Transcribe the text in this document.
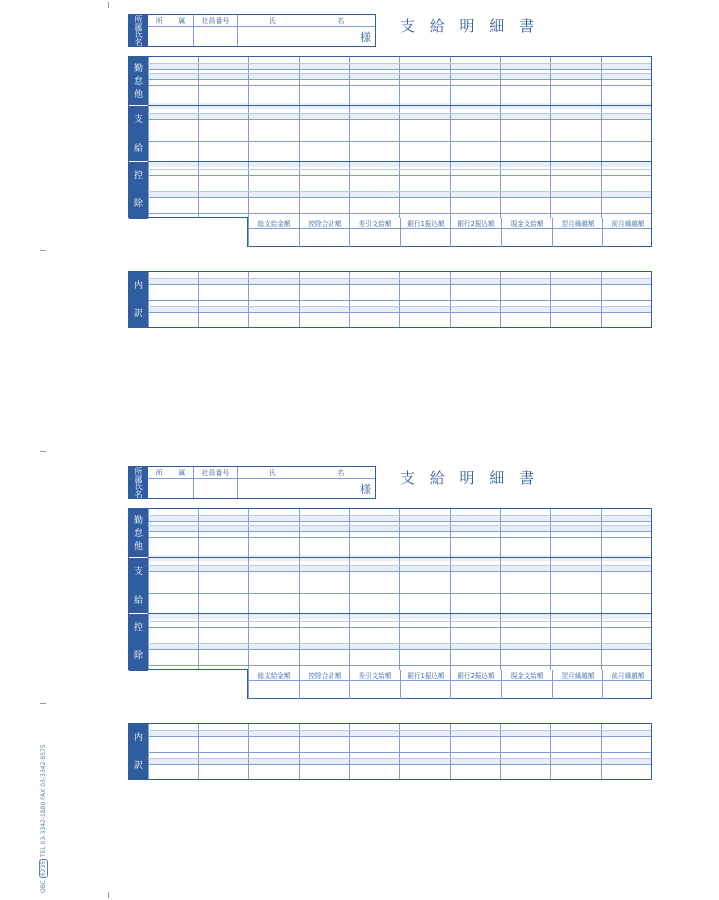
所
属
氏
名
所 属	社員番号	氏	名
様
支 給 明 細 書
勤
怠
他
支
給
控
除
総支給金額	控除合計額	差引支給額	銀行1振込額	銀行2振込額	現金支給額	翌月繰越額	前月繰越額
内
訳
所
属
氏
名
所 属	社員番号	氏	名
様
支 給 明 細 書
勤
怠
他
支
給
控
除
総支給金額	控除合計額	差引支給額	銀行1振込額	銀行2振込額	現金支給額	翌月繰越額	前月繰越額
内
訳
OBC 6235 TEL 03-3342-1880 FAX 03-3342-8575
